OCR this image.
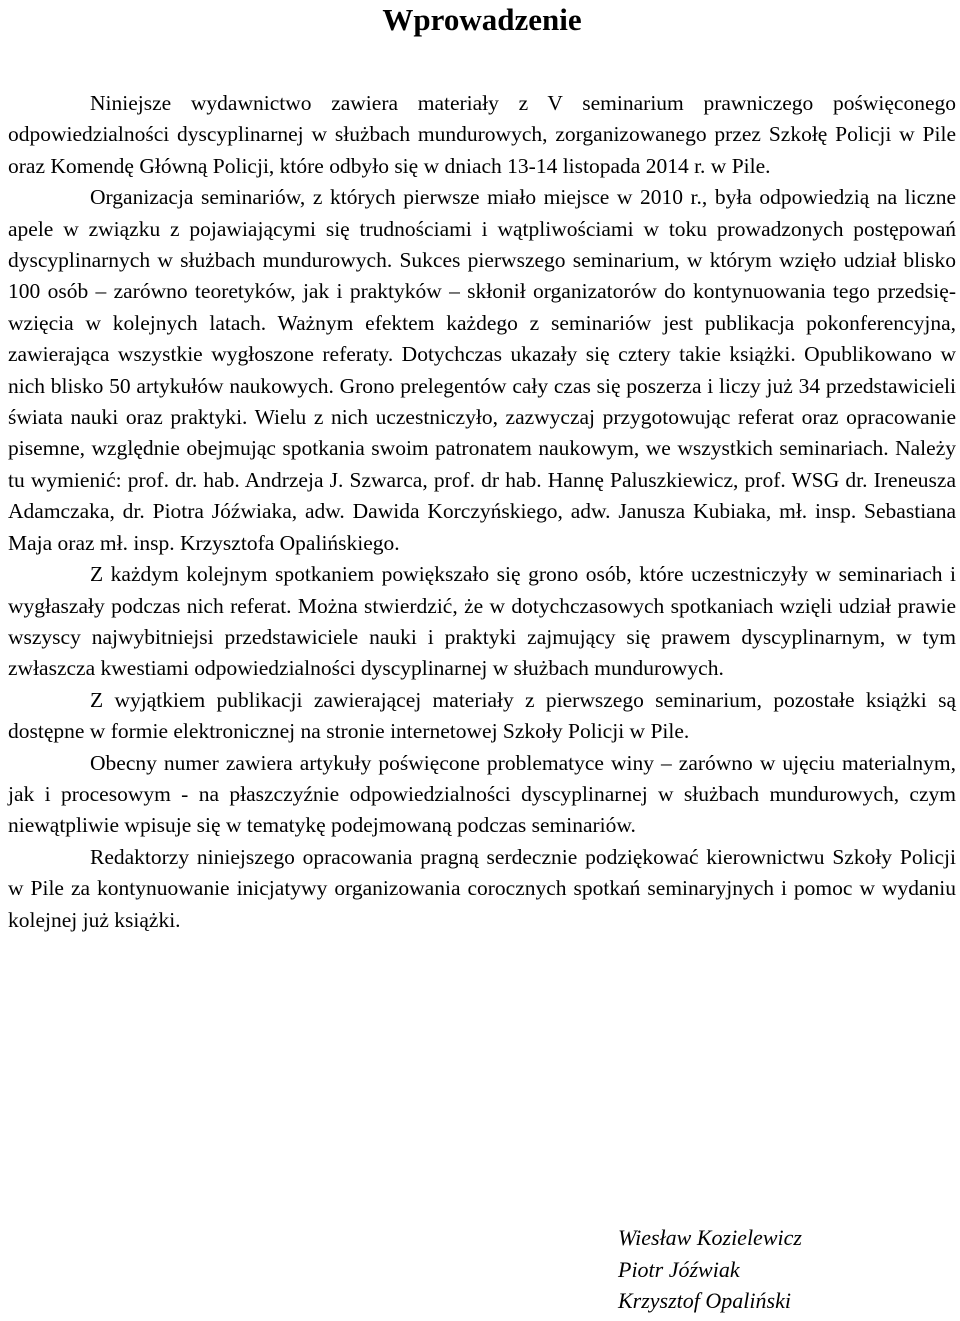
Wprowadzenie

Niniejsze wydawnictwo zawiera materiały z V seminarium prawniczego poświęconego odpowiedzialności dyscyplinarnej w służbach mundurowych, zorganizowanego przez Szkołę Policji w Pile oraz Komendę Główną Policji, które odbyło się w dniach 13-14 listopada 2014 r. w Pile.

Organizacja seminariów, z których pierwsze miało miejsce w 2010 r., była odpowiedzią na liczne apele w związku z pojawiającymi się trudnościami i wątpliwościami w toku prowadzonych postępowań dyscyplinarnych w służbach mundurowych. Sukces pierwszego seminarium, w którym wzięło udział blisko 100 osób – zarówno teoretyków, jak i praktyków – skłonił organizatorów do kontynuowania tego przedsięwzięcia w kolejnych latach. Ważnym efektem każdego z seminariów jest publikacja pokonferencyjna, zawierająca wszystkie wygłoszone referaty. Dotychczas ukazały się cztery takie książki. Opublikowano w nich blisko 50 artykułów naukowych. Grono prelegentów cały czas się poszerza i liczy już 34 przedstawicieli świata nauki oraz praktyki. Wielu z nich uczestniczyło, zazwyczaj przygotowując referat oraz opracowanie pisemne, względnie obejmując spotkania swoim patronatem naukowym, we wszystkich seminariach. Należy tu wymienić: prof. dr. hab. Andrzeja J. Szwarca, prof. dr hab. Hannę Paluszkiewicz, prof. WSG dr. Ireneusza Adamczaka, dr. Piotra Jóźwiaka, adw. Dawida Korczyńskiego, adw. Janusza Kubiaka, mł. insp. Sebastiana Maja oraz mł. insp. Krzysztofa Opalińskiego.

Z każdym kolejnym spotkaniem powiększało się grono osób, które uczestniczyły w seminariach i wygłaszały podczas nich referat. Można stwierdzić, że w dotychczasowych spotkaniach wzięli udział prawie wszyscy najwybitniejsi przedstawiciele nauki i praktyki zajmujący się prawem dyscyplinarnym, w tym zwłaszcza kwestiami odpowiedzialności dyscyplinarnej w służbach mundurowych.

Z wyjątkiem publikacji zawierającej materiały z pierwszego seminarium, pozostałe książki są dostępne w formie elektronicznej na stronie internetowej Szkoły Policji w Pile.

Obecny numer zawiera artykuły poświęcone problematyce winy – zarówno w ujęciu materialnym, jak i procesowym - na płaszczyźnie odpowiedzialności dyscyplinarnej w służbach mundurowych, czym niewątpliwie wpisuje się w tematykę podejmowaną podczas seminariów.

Redaktorzy niniejszego opracowania pragną serdecznie podziękować kierownictwu Szkoły Policji w Pile za kontynuowanie inicjatywy organizowania corocznych spotkań seminaryjnych i pomoc w wydaniu kolejnej już książki.

Wiesław Kozielewicz
Piotr Jóźwiak
Krzysztof Opaliński
